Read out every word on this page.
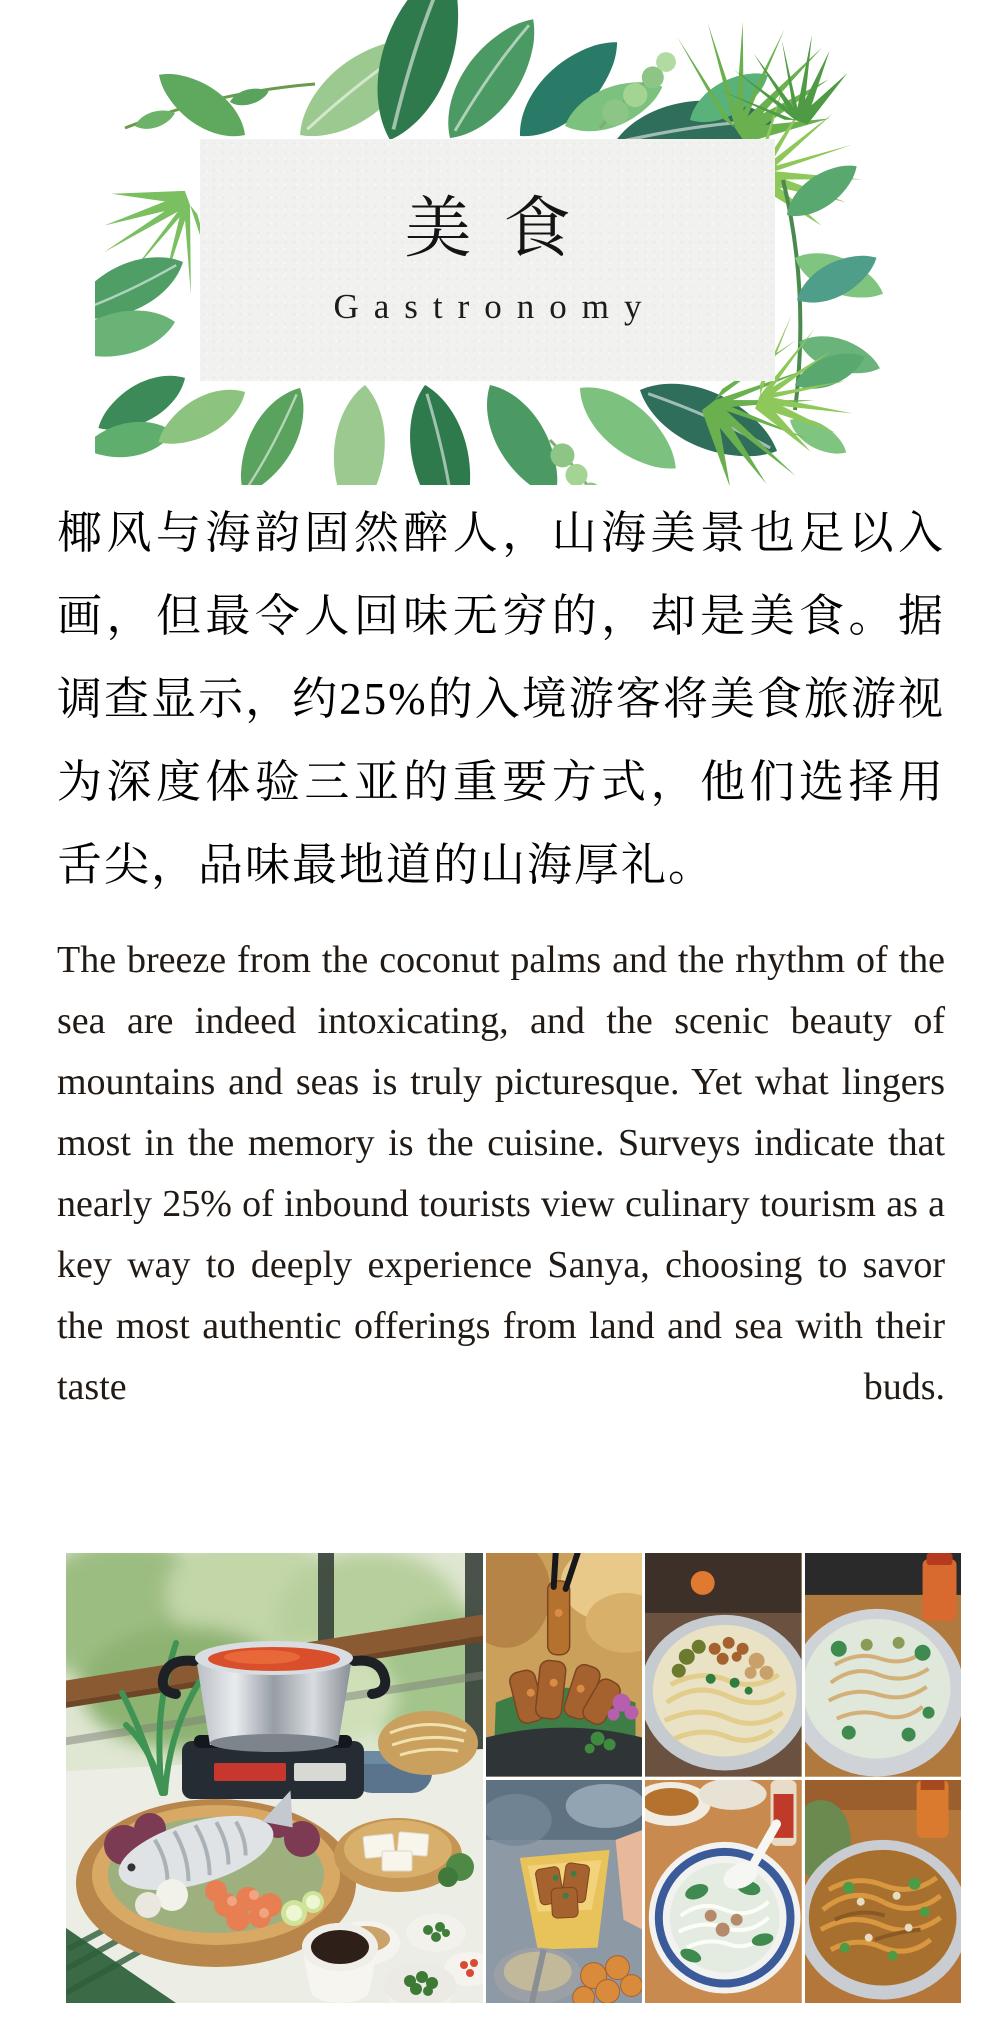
美食
Gastronomy
椰风与海韵固然醉人，山海美景也足以入画，但最令人回味无穷的，却是美食。据调查显示，约25%的入境游客将美食旅游视为深度体验三亚的重要方式，他们选择用舌尖，品味最地道的山海厚礼。
The breeze from the coconut palms and the rhythm of the sea are indeed intoxicating, and the scenic beauty of mountains and seas is truly picturesque. Yet what lingers most in the memory is the cuisine. Surveys indicate that nearly 25% of inbound tourists view culinary tourism as a key way to deeply experience Sanya, choosing to savor the most authentic offerings from land and sea with their taste buds.
